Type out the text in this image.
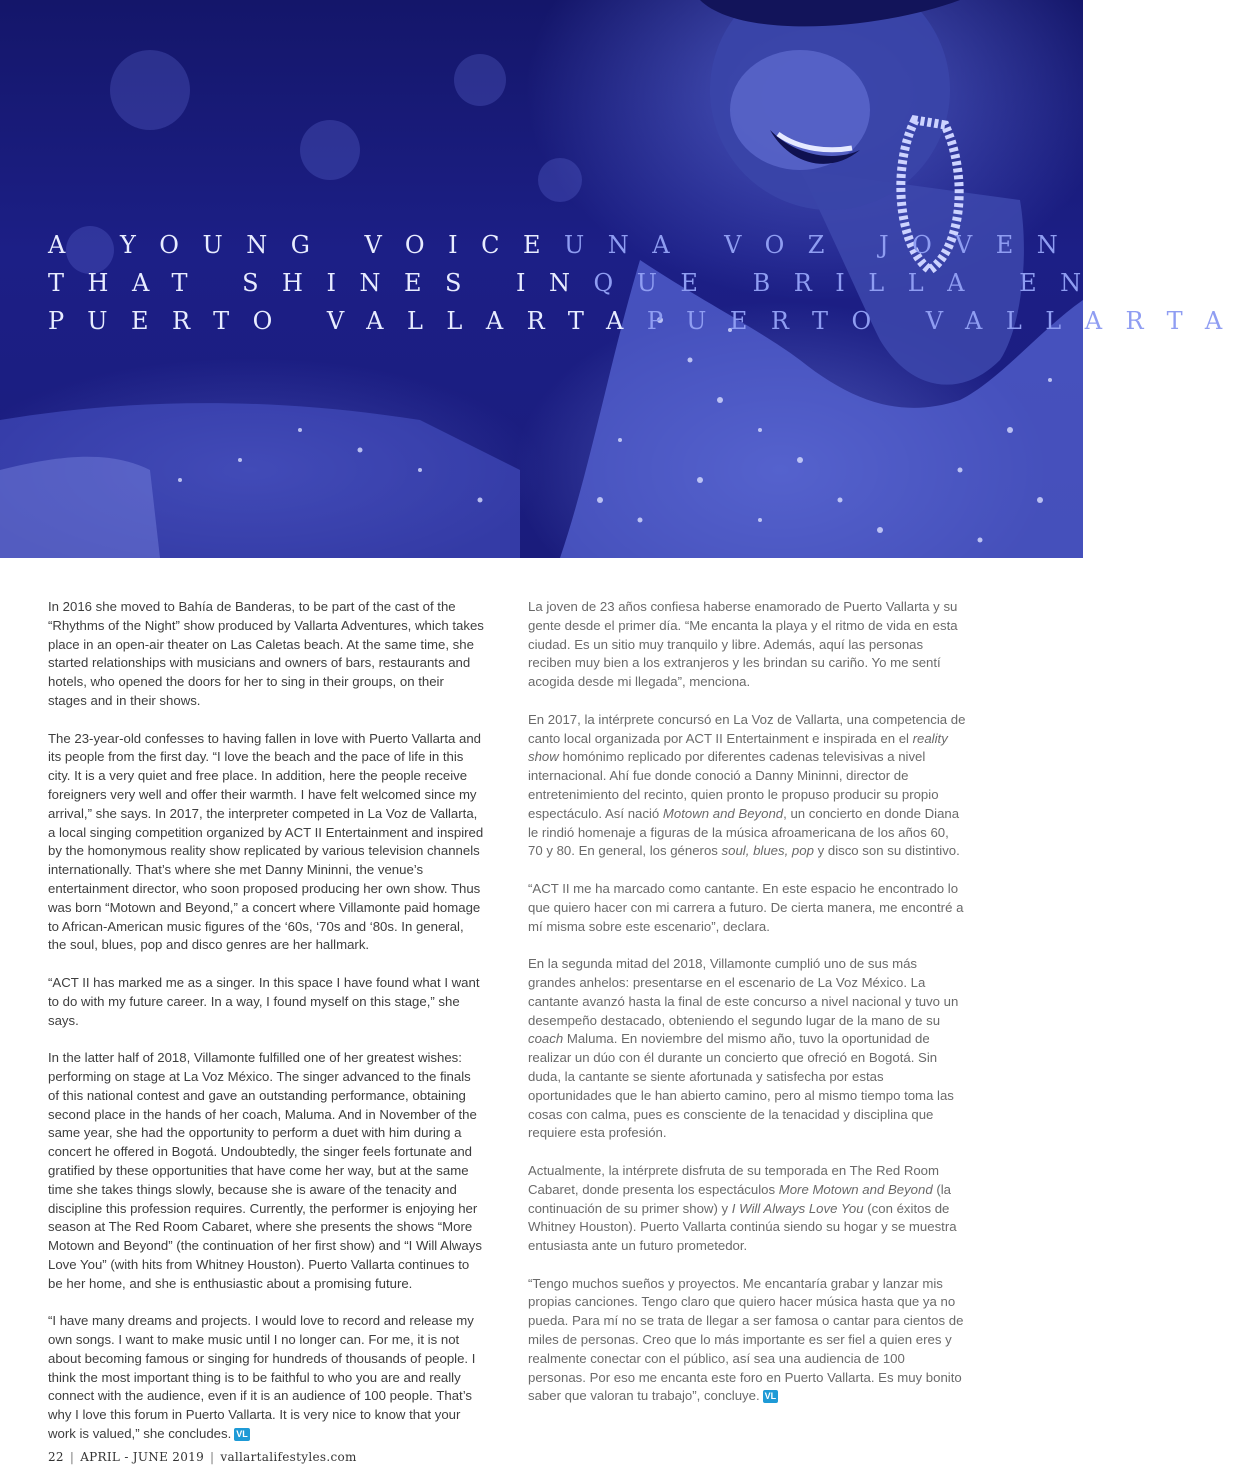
A YOUNG VOICEUNA VOZ JOVEN
THAT SHINES INQUE BRILLA EN
PUERTO VALLARTAPUERTO VALLARTA

In 2016 she moved to Bahía de Banderas, to be part of the cast of the “Rhythms of the Night” show produced by Vallarta Adventures, which takes place in an open-air theater on Las Caletas beach. At the same time, she started relationships with musicians and owners of bars, restaurants and hotels, who opened the doors for her to sing in their groups, on their stages and in their shows.

The 23-year-old confesses to having fallen in love with Puerto Vallarta and its people from the first day. “I love the beach and the pace of life in this city. It is a very quiet and free place. In addition, here the people receive foreigners very well and offer their warmth. I have felt welcomed since my arrival,” she says. In 2017, the interpreter competed in La Voz de Vallarta, a local singing competition organized by ACT II Entertainment and inspired by the homonymous reality show replicated by various television channels internationally. That’s where she met Danny Mininni, the venue’s entertainment director, who soon proposed producing her own show. Thus was born “Motown and Beyond,” a concert where Villamonte paid homage to African-American music figures of the ‘60s, ‘70s and ‘80s. In general, the soul, blues, pop and disco genres are her hallmark.

“ACT II has marked me as a singer. In this space I have found what I want to do with my future career. In a way, I found myself on this stage,” she says.

In the latter half of 2018, Villamonte fulfilled one of her greatest wishes: performing on stage at La Voz México. The singer advanced to the finals of this national contest and gave an outstanding performance, obtaining second place in the hands of her coach, Maluma. And in November of the same year, she had the opportunity to perform a duet with him during a concert he offered in Bogotá. Undoubtedly, the singer feels fortunate and gratified by these opportunities that have come her way, but at the same time she takes things slowly, because she is aware of the tenacity and discipline this profession requires. Currently, the performer is enjoying her season at The Red Room Cabaret, where she presents the shows “More Motown and Beyond” (the continuation of her first show) and “I Will Always Love You” (with hits from Whitney Houston). Puerto Vallarta continues to be her home, and she is enthusiastic about a promising future.

“I have many dreams and projects. I would love to record and release my own songs. I want to make music until I no longer can. For me, it is not about becoming famous or singing for hundreds of thousands of people. I think the most important thing is to be faithful to who you are and really connect with the audience, even if it is an audience of 100 people. That’s why I love this forum in Puerto Vallarta. It is very nice to know that your work is valued,” she concludes. VL

La joven de 23 años confiesa haberse enamorado de Puerto Vallarta y su gente desde el primer día. “Me encanta la playa y el ritmo de vida en esta ciudad. Es un sitio muy tranquilo y libre. Además, aquí las personas reciben muy bien a los extranjeros y les brindan su cariño. Yo me sentí acogida desde mi llegada”, menciona.

En 2017, la intérprete concursó en La Voz de Vallarta, una competencia de canto local organizada por ACT II Entertainment e inspirada en el reality show homónimo replicado por diferentes cadenas televisivas a nivel internacional. Ahí fue donde conoció a Danny Mininni, director de entretenimiento del recinto, quien pronto le propuso producir su propio espectáculo. Así nació Motown and Beyond, un concierto en donde Diana le rindió homenaje a figuras de la música afroamericana de los años 60, 70 y 80. En general, los géneros soul, blues, pop y disco son su distintivo.

“ACT II me ha marcado como cantante. En este espacio he encontrado lo que quiero hacer con mi carrera a futuro. De cierta manera, me encontré a mí misma sobre este escenario”, declara.

En la segunda mitad del 2018, Villamonte cumplió uno de sus más grandes anhelos: presentarse en el escenario de La Voz México. La cantante avanzó hasta la final de este concurso a nivel nacional y tuvo un desempeño destacado, obteniendo el segundo lugar de la mano de su coach Maluma. En noviembre del mismo año, tuvo la oportunidad de realizar un dúo con él durante un concierto que ofreció en Bogotá. Sin duda, la cantante se siente afortunada y satisfecha por estas oportunidades que le han abierto camino, pero al mismo tiempo toma las cosas con calma, pues es consciente de la tenacidad y disciplina que requiere esta profesión.

Actualmente, la intérprete disfruta de su temporada en The Red Room Cabaret, donde presenta los espectáculos More Motown and Beyond (la continuación de su primer show) y I Will Always Love You (con éxitos de Whitney Houston). Puerto Vallarta continúa siendo su hogar y se muestra entusiasta ante un futuro prometedor.

“Tengo muchos sueños y proyectos. Me encantaría grabar y lanzar mis propias canciones. Tengo claro que quiero hacer música hasta que ya no pueda. Para mí no se trata de llegar a ser famosa o cantar para cientos de miles de personas. Creo que lo más importante es ser fiel a quien eres y realmente conectar con el público, así sea una audiencia de 100 personas. Por eso me encanta este foro en Puerto Vallarta. Es muy bonito saber que valoran tu trabajo”, concluye. VL

22 | APRIL - JUNE 2019 | vallartalifestyles.com
